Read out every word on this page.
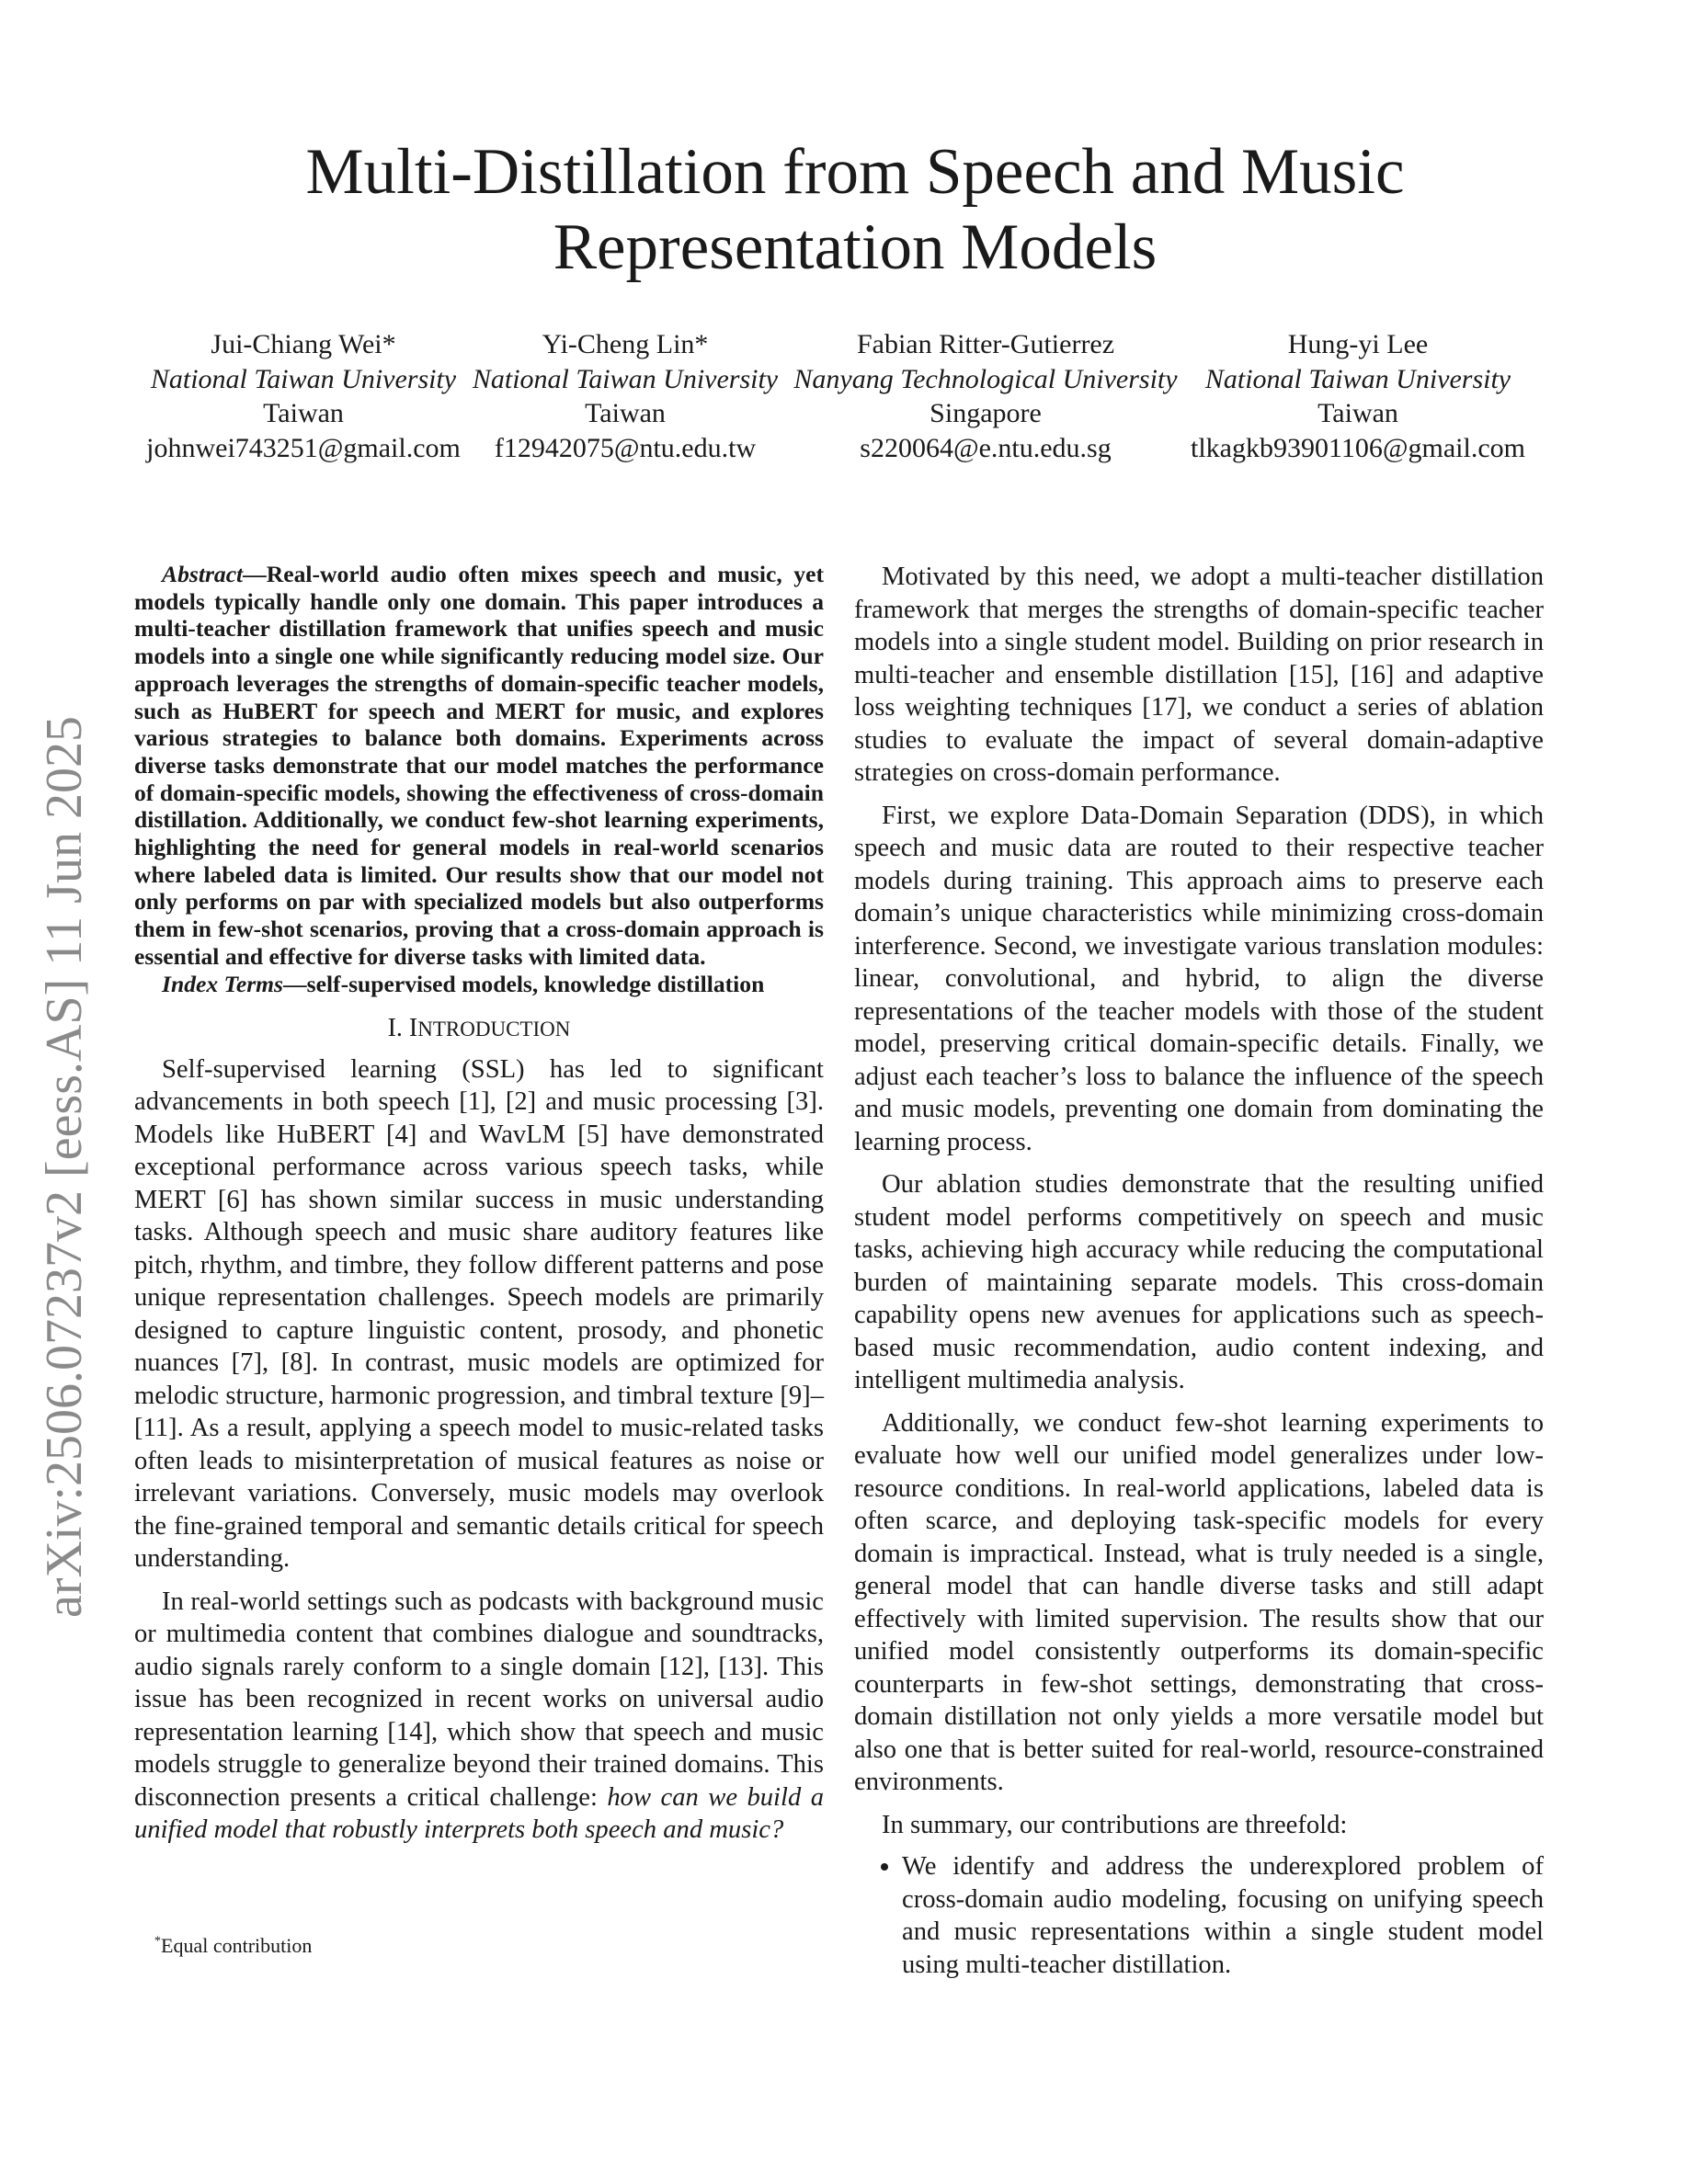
arXiv:2506.07237v2 [eess.AS] 11 Jun 2025
Multi-Distillation from Speech and Music Representation Models
Jui-Chiang Wei*
National Taiwan University
Taiwan
johnwei743251@gmail.com
Yi-Cheng Lin*
National Taiwan University
Taiwan
f12942075@ntu.edu.tw
Fabian Ritter-Gutierrez
Nanyang Technological University
Singapore
s220064@e.ntu.edu.sg
Hung-yi Lee
National Taiwan University
Taiwan
tlkagkb93901106@gmail.com

Abstract—Real-world audio often mixes speech and music, yet models typically handle only one domain. This paper introduces a multi-teacher distillation framework that unifies speech and music models into a single one while significantly reducing model size. Our approach leverages the strengths of domain-specific teacher models, such as HuBERT for speech and MERT for music, and explores various strategies to balance both domains. Experiments across diverse tasks demonstrate that our model matches the performance of domain-specific models, showing the effectiveness of cross-domain distillation. Additionally, we conduct few-shot learning experiments, highlighting the need for general models in real-world scenarios where labeled data is limited. Our results show that our model not only performs on par with specialized models but also outperforms them in few-shot scenarios, proving that a cross-domain approach is essential and effective for diverse tasks with limited data.

Index Terms—self-supervised models, knowledge distillation

I. INTRODUCTION

Self-supervised learning (SSL) has led to significant advancements in both speech [1], [2] and music processing [3]. Models like HuBERT [4] and WavLM [5] have demonstrated exceptional performance across various speech tasks, while MERT [6] has shown similar success in music understanding tasks. Although speech and music share auditory features like pitch, rhythm, and timbre, they follow different patterns and pose unique representation challenges. Speech models are primarily designed to capture linguistic content, prosody, and phonetic nuances [7], [8]. In contrast, music models are optimized for melodic structure, harmonic progression, and timbral texture [9]–[11]. As a result, applying a speech model to music-related tasks often leads to misinterpretation of musical features as noise or irrelevant variations. Conversely, music models may overlook the fine-grained temporal and semantic details critical for speech understanding.

In real-world settings such as podcasts with background music or multimedia content that combines dialogue and soundtracks, audio signals rarely conform to a single domain [12], [13]. This issue has been recognized in recent works on universal audio representation learning [14], which show that speech and music models struggle to generalize beyond their trained domains. This disconnection presents a critical challenge: how can we build a unified model that robustly interprets both speech and music?

*Equal contribution

Motivated by this need, we adopt a multi-teacher distillation framework that merges the strengths of domain-specific teacher models into a single student model. Building on prior research in multi-teacher and ensemble distillation [15], [16] and adaptive loss weighting techniques [17], we conduct a series of ablation studies to evaluate the impact of several domain-adaptive strategies on cross-domain performance.

First, we explore Data-Domain Separation (DDS), in which speech and music data are routed to their respective teacher models during training. This approach aims to preserve each domain’s unique characteristics while minimizing cross-domain interference. Second, we investigate various translation modules: linear, convolutional, and hybrid, to align the diverse representations of the teacher models with those of the student model, preserving critical domain-specific details. Finally, we adjust each teacher’s loss to balance the influence of the speech and music models, preventing one domain from dominating the learning process.

Our ablation studies demonstrate that the resulting unified student model performs competitively on speech and music tasks, achieving high accuracy while reducing the computational burden of maintaining separate models. This cross-domain capability opens new avenues for applications such as speech-based music recommendation, audio content indexing, and intelligent multimedia analysis.

Additionally, we conduct few-shot learning experiments to evaluate how well our unified model generalizes under low-resource conditions. In real-world applications, labeled data is often scarce, and deploying task-specific models for every domain is impractical. Instead, what is truly needed is a single, general model that can handle diverse tasks and still adapt effectively with limited supervision. The results show that our unified model consistently outperforms its domain-specific counterparts in few-shot settings, demonstrating that cross-domain distillation not only yields a more versatile model but also one that is better suited for real-world, resource-constrained environments.

In summary, our contributions are threefold:

• We identify and address the underexplored problem of cross-domain audio modeling, focusing on unifying speech and music representations within a single student model using multi-teacher distillation.
